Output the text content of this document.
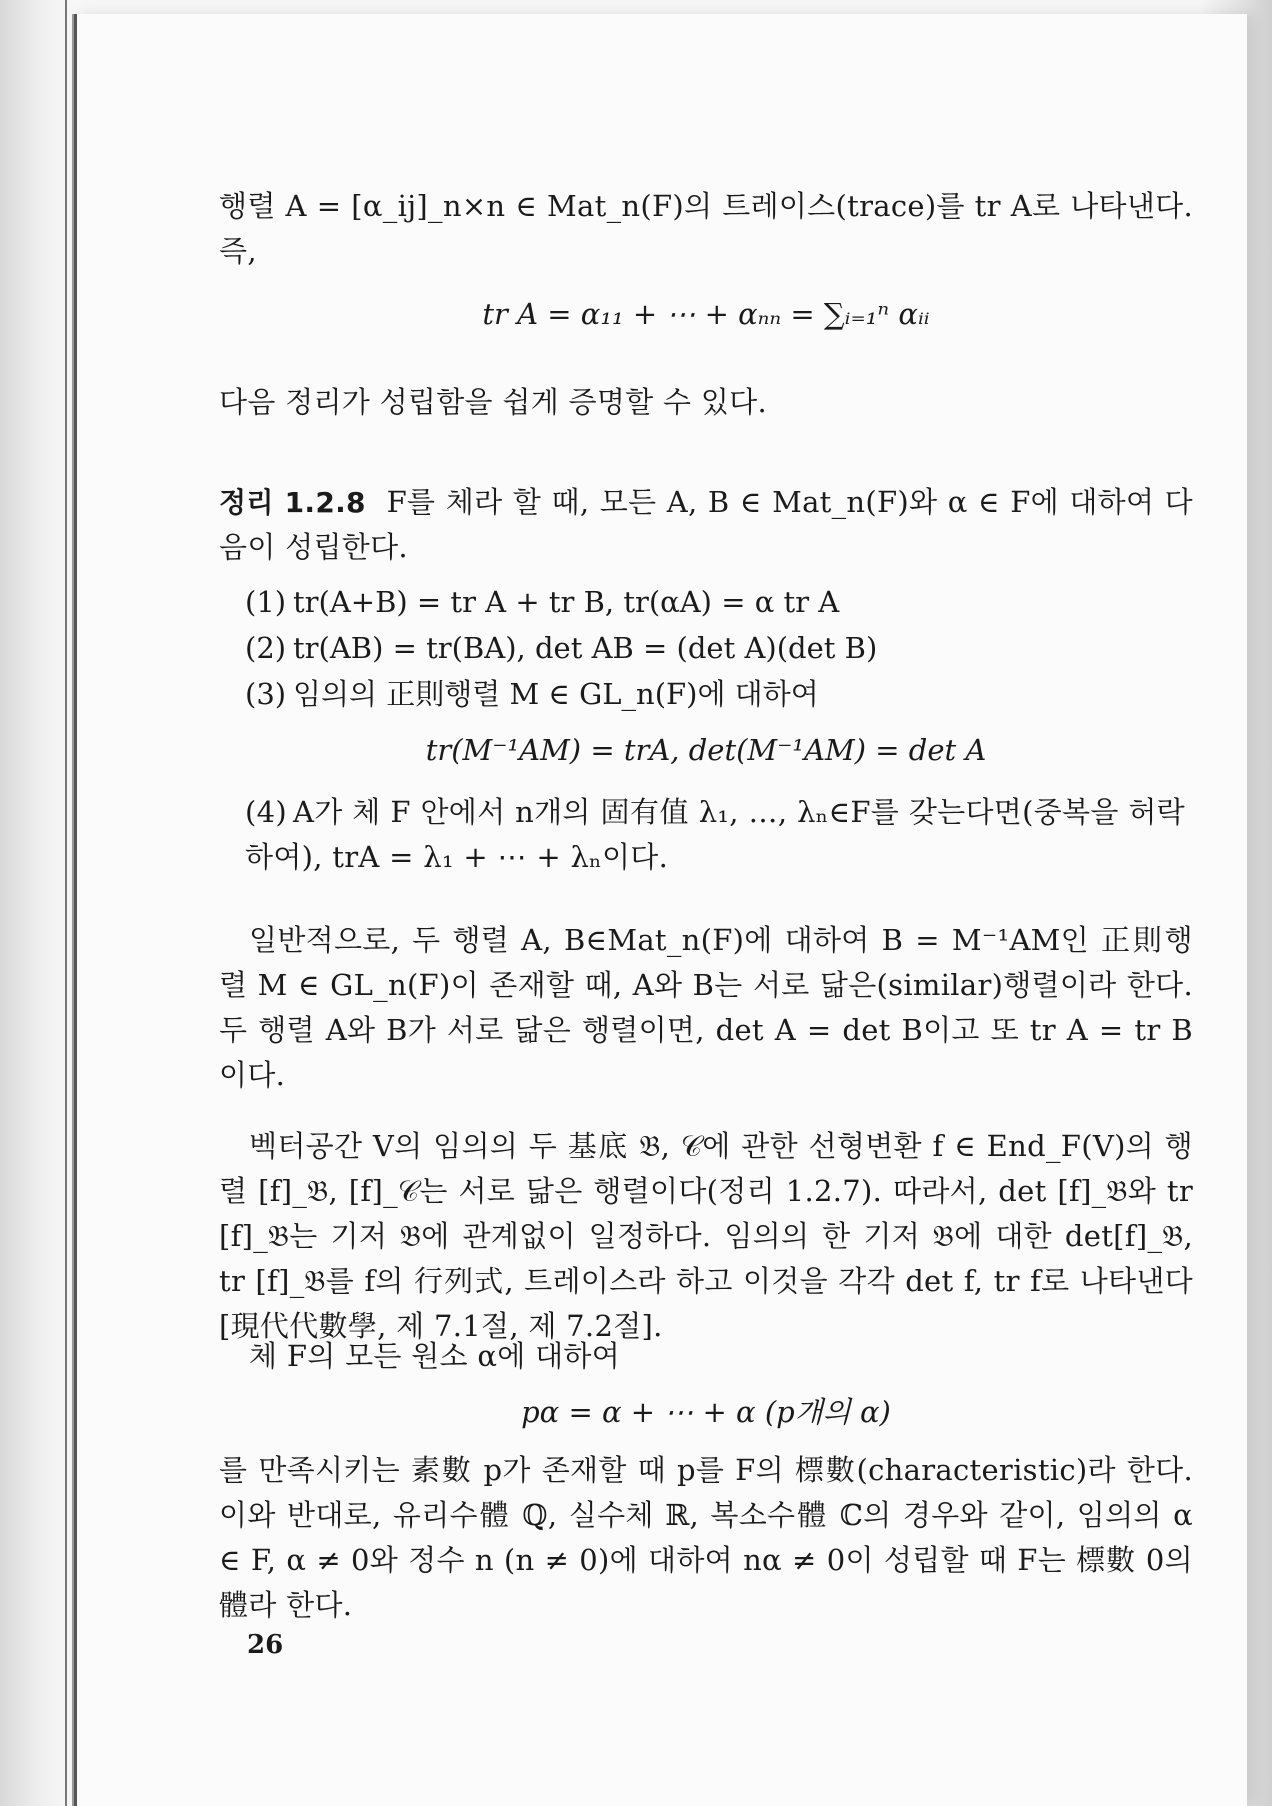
행렬 A = [α_ij]_n×n ∈ Mat_n(F)의 트레이스(trace)를 tr A로 나타낸다. 즉,

tr A = α₁₁ + ⋯ + αₙₙ = ∑ᵢ₌₁ⁿ αᵢᵢ

다음 정리가 성립함을 쉽게 증명할 수 있다.

정리 1.2.8 F를 체라 할 때, 모든 A, B ∈ Mat_n(F)와 α ∈ F에 대하여 다음이 성립한다.

(1) tr(A+B) = tr A + tr B, tr(αA) = α tr A
(2) tr(AB) = tr(BA), det AB = (det A)(det B)
(3) 임의의 正則행렬 M ∈ GL_n(F)에 대하여
tr(M⁻¹AM) = trA, det(M⁻¹AM) = det A

(4) A가 체 F 안에서 n개의 固有值 λ₁, …, λₙ∈F를 갖는다면(중복을 허락하여), trA = λ₁ + ⋯ + λₙ이다.

일반적으로, 두 행렬 A, B∈Mat_n(F)에 대하여 B = M⁻¹AM인 正則행렬 M ∈ GL_n(F)이 존재할 때, A와 B는 서로 닮은(similar)행렬이라 한다. 두 행렬 A와 B가 서로 닮은 행렬이면, det A = det B이고 또 tr A = tr B이다.

벡터공간 V의 임의의 두 基底 𝔅, 𝒞에 관한 선형변환 f ∈ End_F(V)의 행렬 [f]_𝔅, [f]_𝒞는 서로 닮은 행렬이다(정리 1.2.7). 따라서, det [f]_𝔅와 tr [f]_𝔅는 기저 𝔅에 관계없이 일정하다. 임의의 한 기저 𝔅에 대한 det[f]_𝔅, tr [f]_𝔅를 f의 行列式, 트레이스라 하고 이것을 각각 det f, tr f로 나타낸다[現代代數學, 제 7.1절, 제 7.2절].

체 F의 모든 원소 α에 대하여

pα = α + ⋯ + α (p개의 α)

를 만족시키는 素數 p가 존재할 때 p를 F의 標數(characteristic)라 한다. 이와 반대로, 유리수體 ℚ, 실수체 ℝ, 복소수體 ℂ의 경우와 같이, 임의의 α ∈ F, α ≠ 0와 정수 n (n ≠ 0)에 대하여 nα ≠ 0이 성립할 때 F는 標數 0의 體라 한다.

26
